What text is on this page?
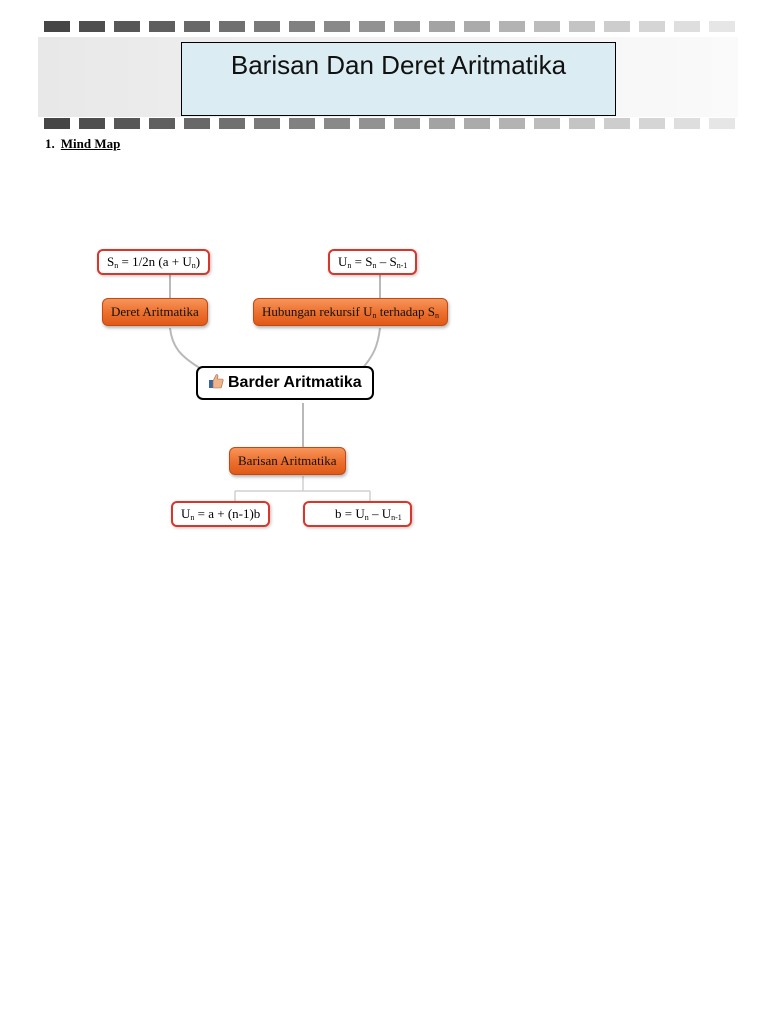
Barisan Dan Deret Aritmatika
1. Mind Map
Barder Aritmatika
Deret Aritmatika
$S_n = 1/2n$ $(a + U_n)$
Hubungan rekursif $U_n$ terhadap $S_n$
$U_n = S_n - S_{n-1}$
Barisan Aritmatika
$U_n = a + (n-1)b$	$b = U_n - U_{n-1}$
